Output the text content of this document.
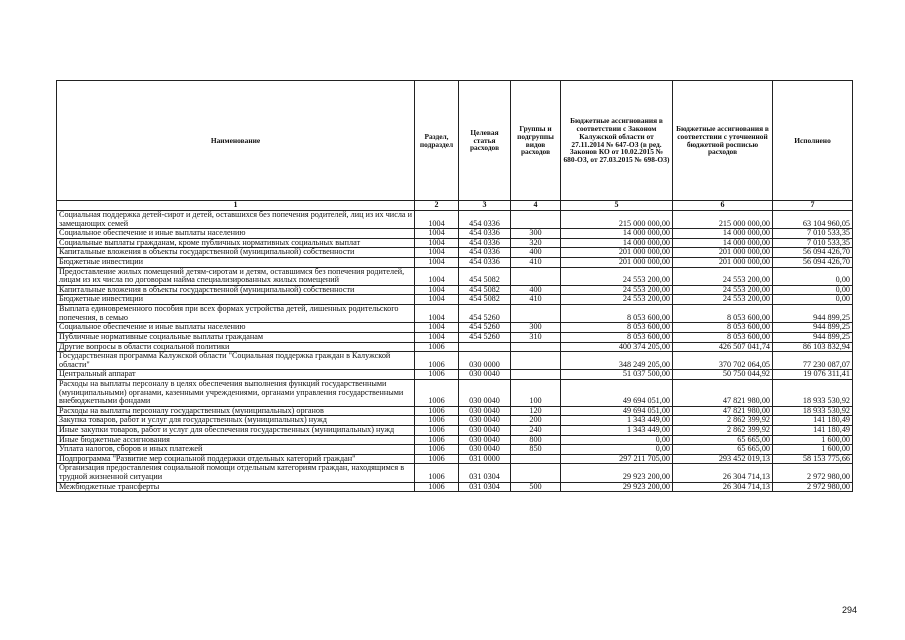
Наименование	Раздел, подраздел	Целевая статья расходов	Группы и подгруппы видов расходов	Бюджетные ассигнования в соответствии с Законом Калужской области от 27.11.2014 № 647-ОЗ (в ред. Законов КО от 10.02.2015 № 680-ОЗ, от 27.03.2015 № 698-ОЗ)	Бюджетные ассигнования в соответствии с уточненной бюджетной росписью расходов	Исполнено
1	2	3	4	5	6	7
Социальная поддержка детей-сирот и детей, оставшихся без попечения родителей, лиц из их числа и замещающих семей	1004	454 0336		215 000 000,00	215 000 000,00	63 104 960,05
Социальное обеспечение и иные выплаты населению	1004	454 0336	300	14 000 000,00	14 000 000,00	7 010 533,35
Социальные выплаты гражданам, кроме публичных нормативных социальных выплат	1004	454 0336	320	14 000 000,00	14 000 000,00	7 010 533,35
Капитальные вложения в объекты государственной (муниципальной) собственности	1004	454 0336	400	201 000 000,00	201 000 000,00	56 094 426,70
Бюджетные инвестиции	1004	454 0336	410	201 000 000,00	201 000 000,00	56 094 426,70
Предоставление жилых помещений детям-сиротам и детям, оставшимся без попечения родителей, лицам из их числа по договорам найма специализированных жилых помещений	1004	454 5082		24 553 200,00	24 553 200,00	0,00
Капитальные вложения в объекты государственной (муниципальной) собственности	1004	454 5082	400	24 553 200,00	24 553 200,00	0,00
Бюджетные инвестиции	1004	454 5082	410	24 553 200,00	24 553 200,00	0,00
Выплата единовременного пособия при всех формах устройства детей, лишенных родительского попечения, в семью	1004	454 5260		8 053 600,00	8 053 600,00	944 899,25
Социальное обеспечение и иные выплаты населению	1004	454 5260	300	8 053 600,00	8 053 600,00	944 899,25
Публичные нормативные социальные выплаты гражданам	1004	454 5260	310	8 053 600,00	8 053 600,00	944 899,25
Другие вопросы в области социальной политики	1006			400 374 205,00	426 507 041,74	86 103 832,94
Государственная программа Калужской области "Социальная поддержка граждан в Калужской области"	1006	030 0000		348 249 205,00	370 702 064,05	77 230 087,07
Центральный аппарат	1006	030 0040		51 037 500,00	50 750 044,92	19 076 311,41
Расходы на выплаты персоналу в целях обеспечения выполнения функций государственными (муниципальными) органами, казенными учреждениями, органами управления государственными внебюджетными фондами	1006	030 0040	100	49 694 051,00	47 821 980,00	18 933 530,92
Расходы на выплаты персоналу государственных (муниципальных) органов	1006	030 0040	120	49 694 051,00	47 821 980,00	18 933 530,92
Закупка товаров, работ и услуг для государственных (муниципальных) нужд	1006	030 0040	200	1 343 449,00	2 862 399,92	141 180,49
Иные закупки товаров, работ и услуг для обеспечения государственных (муниципальных) нужд	1006	030 0040	240	1 343 449,00	2 862 399,92	141 180,49
Иные бюджетные ассигнования	1006	030 0040	800	0,00	65 665,00	1 600,00
Уплата налогов, сборов и иных платежей	1006	030 0040	850	0,00	65 665,00	1 600,00
Подпрограмма "Развитие мер социальной поддержки отдельных категорий граждан"	1006	031 0000		297 211 705,00	293 452 019,13	58 153 775,66
Организация предоставления социальной помощи отдельным категориям граждан, находящимся в трудной жизненной ситуации	1006	031 0304		29 923 200,00	26 304 714,13	2 972 980,00
Межбюджетные трансферты	1006	031 0304	500	29 923 200,00	26 304 714,13	2 972 980,00
294
